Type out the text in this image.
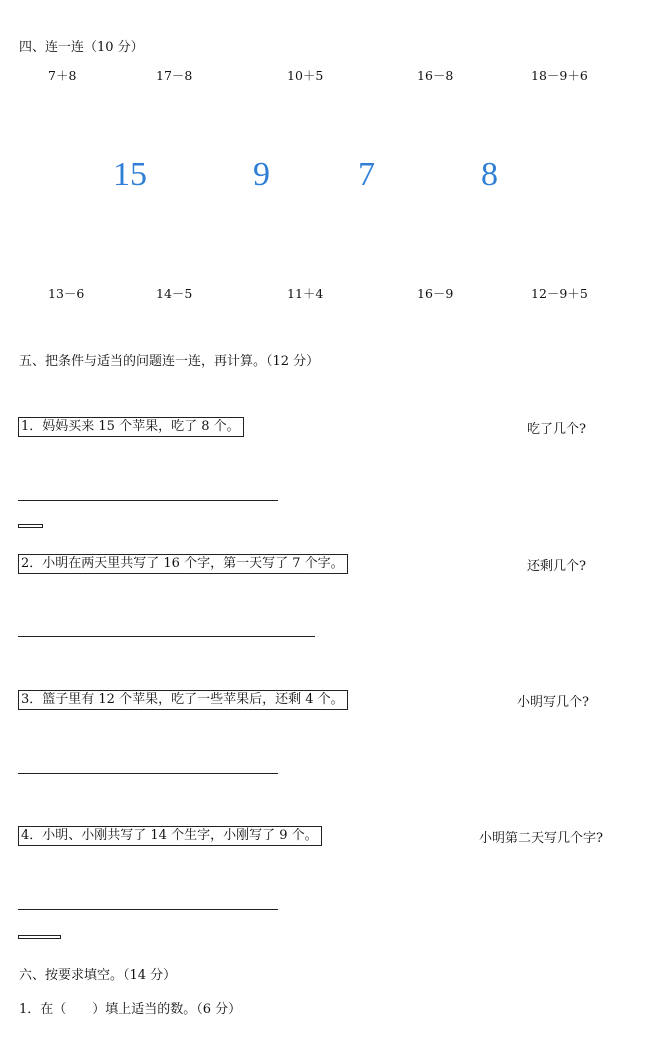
四、连一连（10 分）
7＋8	17－8	10＋5	16－8	18－9＋6
15	9	7	8
13－6	14－5	11＋4	16－9	12－9＋5
五、把条件与适当的问题连一连，再计算。（12 分）
1．妈妈买来 15 个苹果，吃了 8 个。	吃了几个?
2．小明在两天里共写了 16 个字，第一天写了 7 个字。	还剩几个?
3．篮子里有 12 个苹果，吃了一些苹果后，还剩 4 个。	小明写几个?
4．小明、小刚共写了 14 个生字，小刚写了 9 个。	小明第二天写几个字?
六、按要求填空。（14 分）
1．在（　　）填上适当的数。（6 分）
